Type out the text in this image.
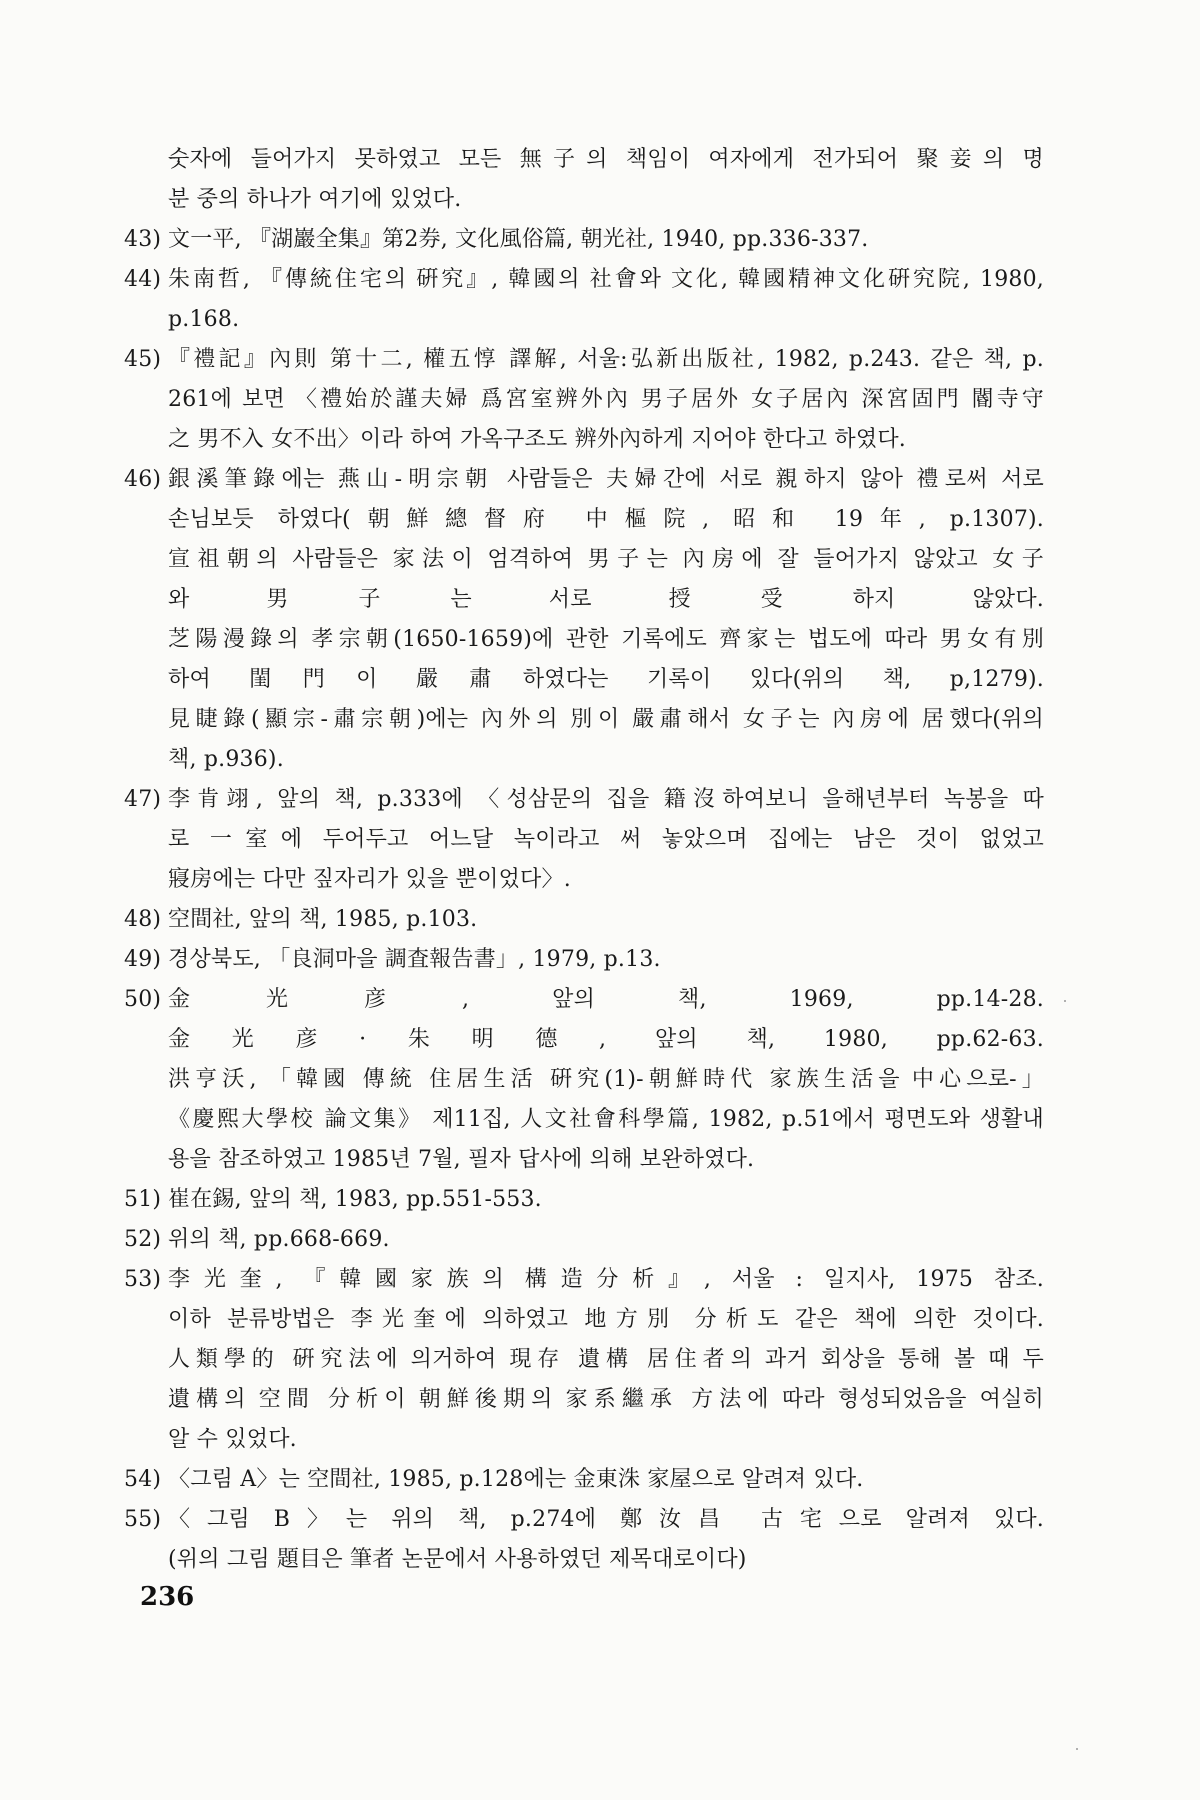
숫자에 들어가지 못하였고 모든 無子의 책임이 여자에게 전가되어 聚妾의 명
분 중의 하나가 여기에 있었다.
43) 文一平, 『湖巖全集』第2券, 文化風俗篇, 朝光社, 1940, pp.336-337.
44) 朱南哲, 『傳統住宅의 硏究』, 韓國의 社會와 文化, 韓國精神文化硏究院, 1980,
p.168.
45) 『禮記』內則 第十二, 權五惇 譯解, 서울:弘新出版社, 1982, p.243. 같은 책, p.
261에 보면 〈禮始於謹夫婦 爲宮室辨外內 男子居外 女子居內 深宮固門 閽寺守
之 男不入 女不出〉이라 하여 가옥구조도 辨外內하게 지어야 한다고 하였다.
46) 銀溪筆錄에는 燕山-明宗朝 사람들은 夫婦간에 서로 親하지 않아 禮로써 서로
손님보듯 하였다(朝鮮總督府 中樞院, 昭和 19年, p.1307).
宣祖朝의 사람들은 家法이 엄격하여 男子는 內房에 잘 들어가지 않았고 女子
와 男子는 서로 授受하지 않았다.
芝陽漫錄의 孝宗朝(1650-1659)에 관한 기록에도 齊家는 법도에 따라 男女有別
하여 閨門이 嚴肅하였다는 기록이 있다(위의 책, p,1279).
見睫錄(顯宗-肅宗朝)에는 內外의 別이 嚴肅해서 女子는 內房에 居했다(위의
책, p.936).
47) 李肯翊, 앞의 책, p.333에 〈성삼문의 집을 籍沒하여보니 을해년부터 녹봉을 따
로 一室에 두어두고 어느달 녹이라고 써 놓았으며 집에는 남은 것이 없었고
寢房에는 다만 짚자리가 있을 뿐이었다〉.
48) 空間社, 앞의 책, 1985, p.103.
49) 경상북도, 「良洞마을 調査報告書」, 1979, p.13.
50) 金光彦, 앞의 책, 1969, pp.14-28.
金光彦·朱明德, 앞의 책, 1980, pp.62-63.
洪亨沃, 「韓國 傳統 住居生活 硏究(1)-朝鮮時代 家族生活을 中心으로-」
《慶熙大學校 論文集》 제11집, 人文社會科學篇, 1982, p.51에서 평면도와 생활내
용을 참조하였고 1985년 7월, 필자 답사에 의해 보완하였다.
51) 崔在錫, 앞의 책, 1983, pp.551-553.
52) 위의 책, pp.668-669.
53) 李光奎, 『韓國家族의 構造分析』, 서울 : 일지사, 1975 참조.
이하 분류방법은 李光奎에 의하였고 地方別 分析도 같은 책에 의한 것이다.
人類學的 硏究法에 의거하여 現存 遺構 居住者의 과거 회상을 통해 볼 때 두
遺構의 空間 分析이 朝鮮後期의 家系繼承 方法에 따라 형성되었음을 여실히
알 수 있었다.
54) 〈그림 A〉는 空間社, 1985, p.128에는 金東洙 家屋으로 알려져 있다.
55) 〈그림 B〉는 위의 책, p.274에 鄭汝昌 古宅으로 알려져 있다.
(위의 그림 題目은 筆者 논문에서 사용하였던 제목대로이다)
236
